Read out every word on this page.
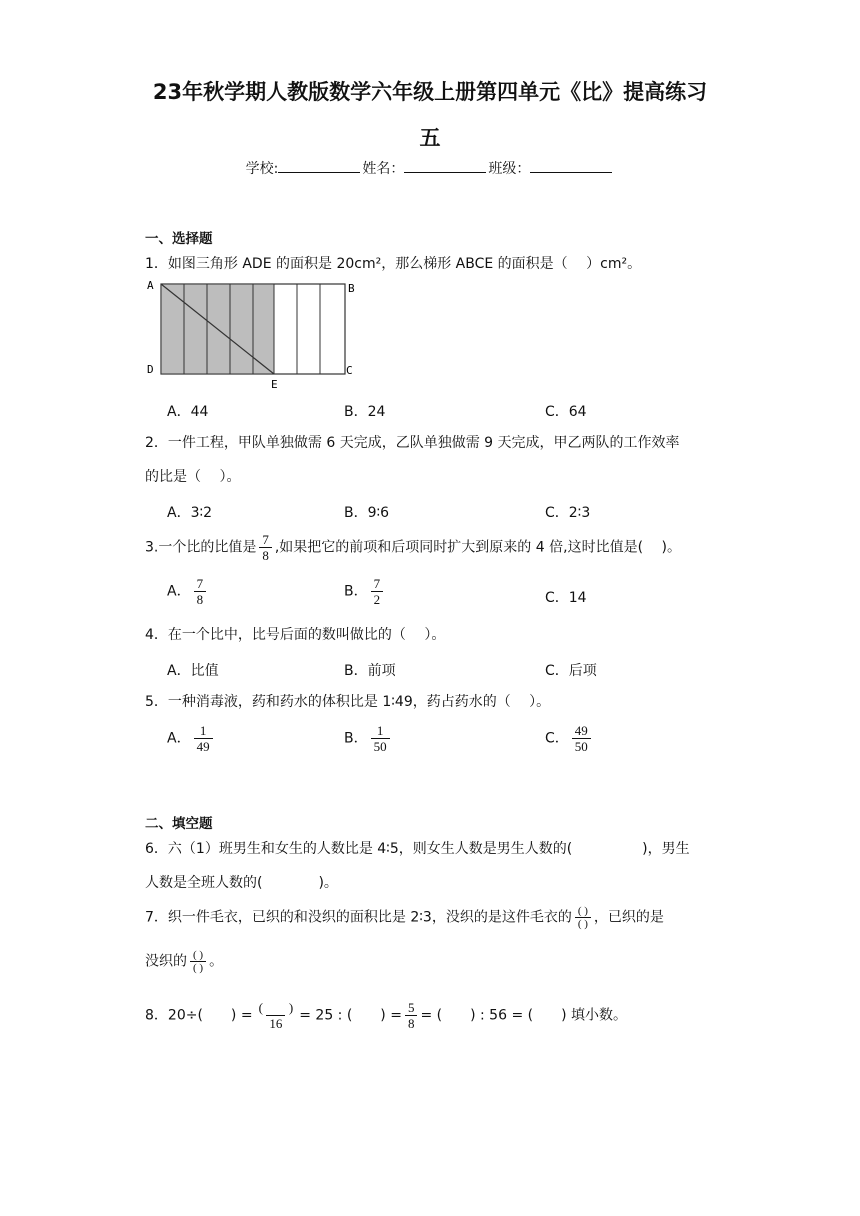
23年秋学期人教版数学六年级上册第四单元《比》提高练习
五
学校:	姓名：	班级：
一、选择题
1．如图三角形 ADE 的面积是 20cm²，那么梯形 ABCE 的面积是（　 ）cm²。
A	B
D	C
E
A．44	B．24	C．64
2．一件工程，甲队单独做需 6 天完成，乙队单独做需 9 天完成，甲乙两队的工作效率
的比是（　 ）。
A．3∶2	B．9∶6	C．2∶3
3.一个比的比值是 $\frac{7}{8}$ ,如果把它的前项和后项同时扩大到原来的 4 倍,这时比值是(　 )。
A． $\frac{7}{8}$	B． $\frac{7}{2}$	C．14
4．在一个比中，比号后面的数叫做比的（　 ）。
A．比值	B．前项	C．后项
5．一种消毒液，药和药水的体积比是 1∶49，药占药水的（　 ）。
A． $\frac{1}{49}$	B． $\frac{1}{50}$	C． $\frac{49}{50}$
二、填空题
6．六（1）班男生和女生的人数比是 4∶5，则女生人数是男生人数的(　　　　　)，男生
人数是全班人数的(　　　　)。
7．织一件毛衣，已织的和没织的面积比是 2∶3，没织的是这件毛衣的 $\frac{( )}{( )}$ ，已织的是
没织的 $\frac{( )}{( )}$ 。
8．20÷(　　) = $\frac{( )}{16} = 25$ : (　　) = $\frac{5}{8}$ = (　　) : 56 = (　　) 填小数。
